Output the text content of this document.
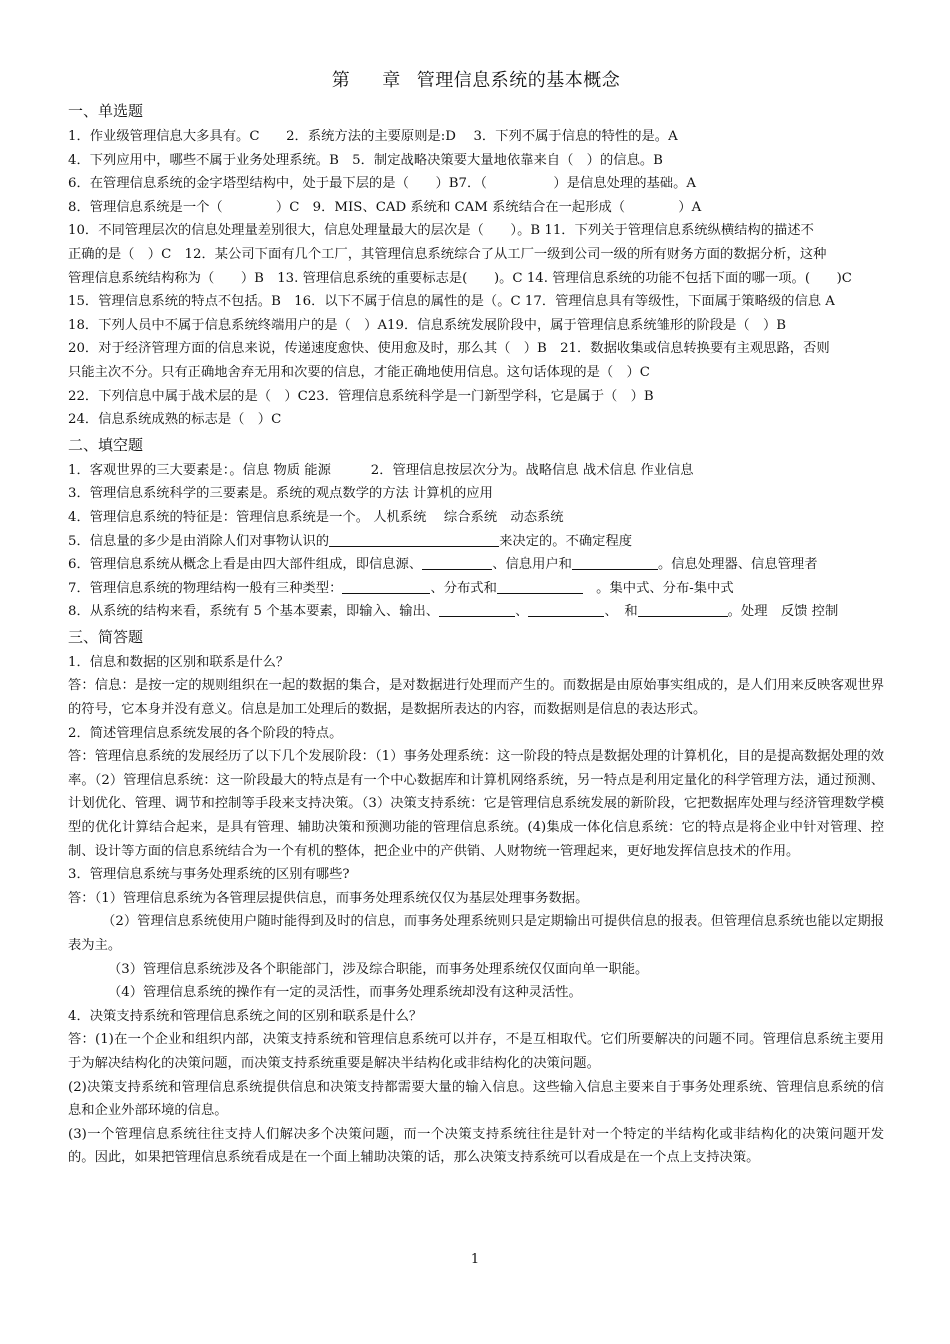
第 章 管理信息系统的基本概念
一、单选题
1．作业级管理信息大多具有。C　　2．系统方法的主要原则是:D　 3．下列不属于信息的特性的是。A
4．下列应用中，哪些不属于业务处理系统。B　5．制定战略决策要大量地依靠来自（　）的信息。B
6．在管理信息系统的金字塔型结构中，处于最下层的是（　　）B7．（　　　　　）是信息处理的基础。A
8．管理信息系统是一个（　　　　）C　9．MIS、CAD 系统和 CAM 系统结合在一起形成（　　　　）A
10．不同管理层次的信息处理量差别很大，信息处理量最大的层次是（　　）。B 11．下列关于管理信息系统纵横结构的描述不
正确的是（　）C　12．某公司下面有几个工厂，其管理信息系统综合了从工厂一级到公司一级的所有财务方面的数据分析，这种
管理信息系统结构称为（　　）B　13. 管理信息系统的重要标志是(　　)。C 14. 管理信息系统的功能不包括下面的哪一项。(　　)C
15．管理信息系统的特点不包括。B　16．以下不属于信息的属性的是（。C 17．管理信息具有等级性，下面属于策略级的信息 A
18．下列人员中不属于信息系统终端用户的是（　）A19．信息系统发展阶段中，属于管理信息系统雏形的阶段是（　）B
20．对于经济管理方面的信息来说，传递速度愈快、使用愈及时，那么其（　）B　21．数据收集或信息转换要有主观思路，否则
只能主次不分。只有正确地舍弃无用和次要的信息，才能正确地使用信息。这句话体现的是（　）C
22．下列信息中属于战术层的是（　）C23．管理信息系统科学是一门新型学科，它是属于（　）B
24．信息系统成熟的标志是（　）C
二、填空题
1．客观世界的三大要素是：。信息 物质 能源　　　2．管理信息按层次分为。战略信息 战术信息 作业信息
3．管理信息系统科学的三要素是。系统的观点数学的方法 计算机的应用
4．管理信息系统的特征是：管理信息系统是一个。 人机系统　 综合系统　动态系统
5．信息量的多少是由消除人们对事物认识的	来决定的。不确定程度
6．管理信息系统从概念上看是由四大部件组成，即信息源、	、信息用户和	。信息处理器、信息管理者
7．管理信息系统的物理结构一般有三种类型：	、分布式和	　。集中式、分布-集中式
8．从系统的结构来看，系统有 5 个基本要素，即输入、输出、	、	、　和	。处理　反馈 控制
三、简答题
1．信息和数据的区别和联系是什么？
答：信息：是按一定的规则组织在一起的数据的集合，是对数据进行处理而产生的。而数据是由原始事实组成的，是人们用来反映客观世界的符号，它本身并没有意义。信息是加工处理后的数据，是数据所表达的内容，而数据则是信息的表达形式。
2．简述管理信息系统发展的各个阶段的特点。
答：管理信息系统的发展经历了以下几个发展阶段：（1）事务处理系统：这一阶段的特点是数据处理的计算机化，目的是提高数据处理的效率。（2）管理信息系统：这一阶段最大的特点是有一个中心数据库和计算机网络系统，另一特点是利用定量化的科学管理方法，通过预测、计划优化、管理、调节和控制等手段来支持决策。（3）决策支持系统：它是管理信息系统发展的新阶段，它把数据库处理与经济管理数学模型的优化计算结合起来，是具有管理、辅助决策和预测功能的管理信息系统。(4)集成一体化信息系统：它的特点是将企业中针对管理、控制、设计等方面的信息系统结合为一个有机的整体，把企业中的产供销、人财物统一管理起来，更好地发挥信息技术的作用。
3．管理信息系统与事务处理系统的区别有哪些?
答：（1）管理信息系统为各管理层提供信息，而事务处理系统仅仅为基层处理事务数据。
（2）管理信息系统使用户随时能得到及时的信息，而事务处理系统则只是定期输出可提供信息的报表。但管理信息系统也能以定期报表为主。
（3）管理信息系统涉及各个职能部门，涉及综合职能，而事务处理系统仅仅面向单一职能。
（4）管理信息系统的操作有一定的灵活性，而事务处理系统却没有这种灵活性。
4．决策支持系统和管理信息系统之间的区别和联系是什么？
答：(1)在一个企业和组织内部，决策支持系统和管理信息系统可以并存，不是互相取代。它们所要解决的问题不同。管理信息系统主要用于为解决结构化的决策问题，而决策支持系统重要是解决半结构化或非结构化的决策问题。
(2)决策支持系统和管理信息系统提供信息和决策支持都需要大量的输入信息。这些输入信息主要来自于事务处理系统、管理信息系统的信息和企业外部环境的信息。
(3)一个管理信息系统往往支持人们解决多个决策问题，而一个决策支持系统往往是针对一个特定的半结构化或非结构化的决策问题开发的。因此，如果把管理信息系统看成是在一个面上辅助决策的话，那么决策支持系统可以看成是在一个点上支持决策。
1
